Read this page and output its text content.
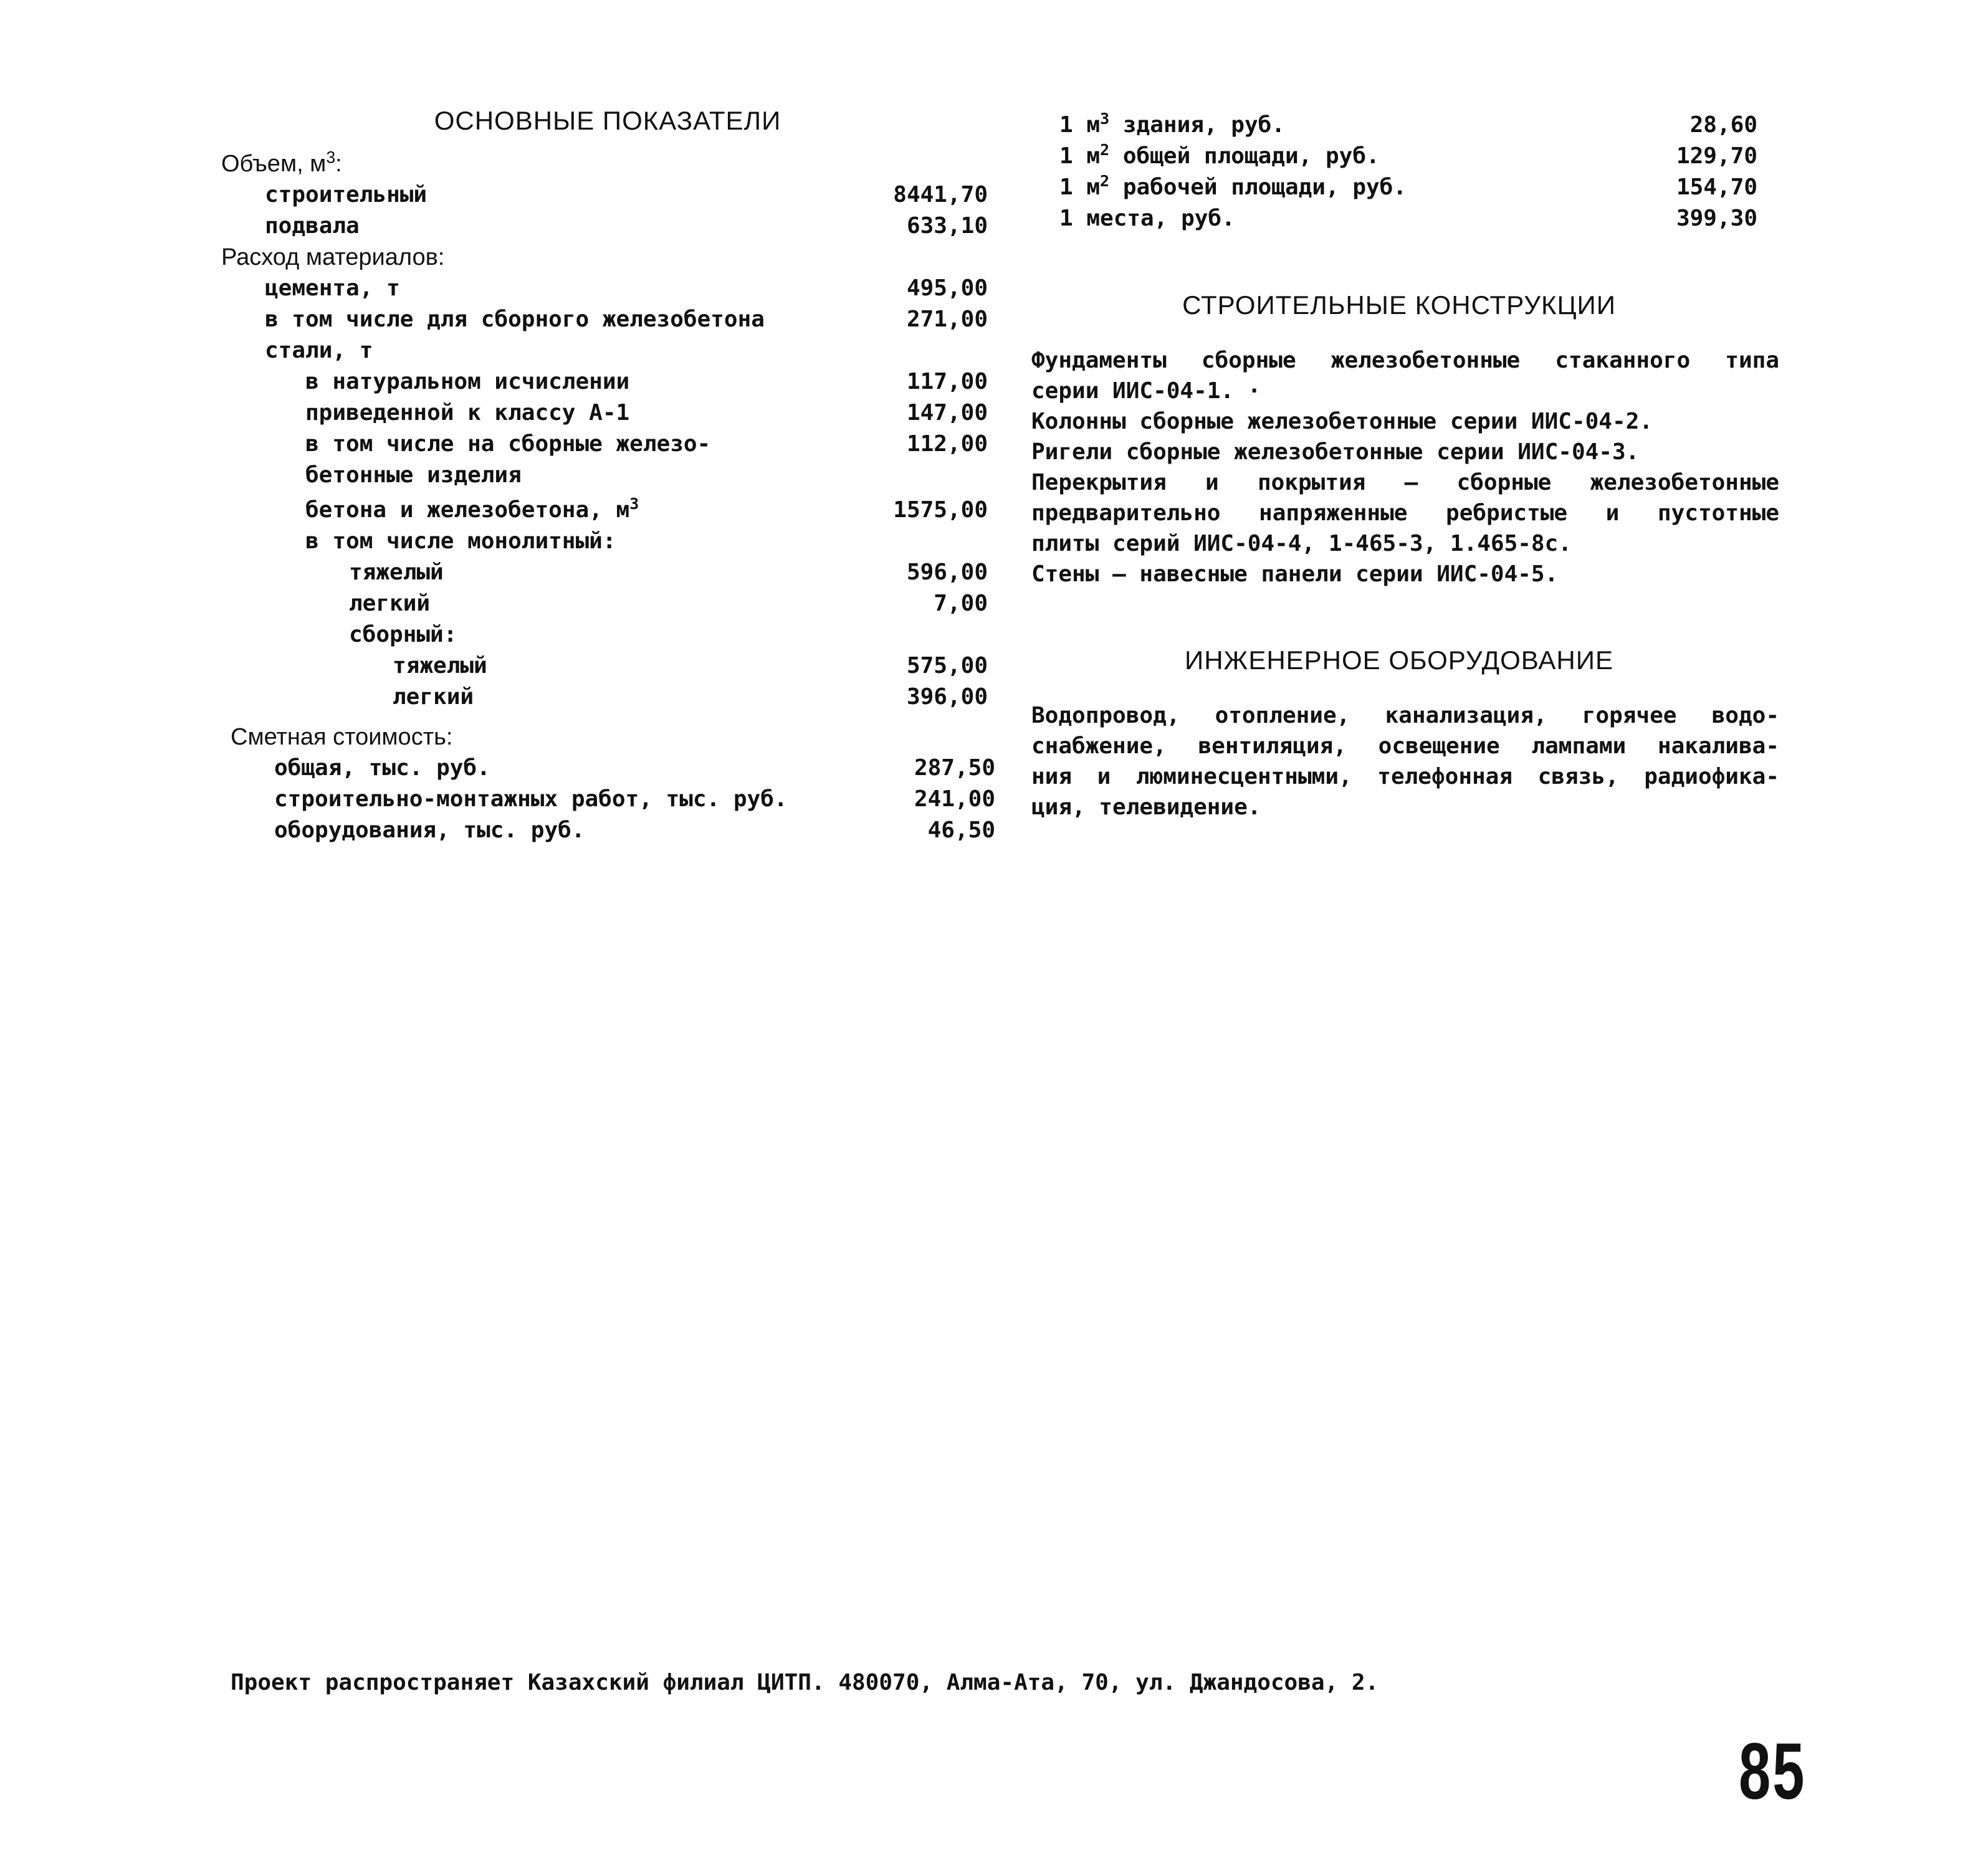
ОСНОВНЫЕ ПОКАЗАТЕЛИ
Объем, $м^3$:
строительный	8441,70
подвала	633,10
Расход материалов:
цемента, т	495,00
в том числе для сборного железобетона	271,00
стали, т
в натуральном исчислении	117,00
приведенной к классу А-1	147,00
в том числе на сборные железо-	112,00
бетонные изделия
бетона и железобетона, $м^3$	1575,00
в том числе монолитный:
тяжелый	596,00
легкий	7,00
сборный:
тяжелый	575,00
легкий	396,00
Сметная стоимость:
общая, тыс. руб.	287,50
строительно-монтажных работ, тыс. руб.	241,00
оборудования, тыс. руб.	46,50
1 $м^3$ здания, руб.	28,60
1 $м^2$ общей площади, руб.	129,70
1 $м^2$ рабочей площади, руб.	154,70
1 места, руб.	399,30
СТРОИТЕЛЬНЫЕ КОНСТРУКЦИИ

Фундаменты сборные железобетонные стаканного типа

серии ИИС-04-1. ·

Колонны сборные железобетонные серии ИИС-04-2.

Ригели сборные железобетонные серии ИИС-04-3.

Перекрытия и покрытия – сборные железобетонные

предварительно напряженные ребристые и пустотные

плиты серий ИИС-04-4, 1-465-3, 1.465-8с.

Стены – навесные панели серии ИИС-04-5.

ИНЖЕНЕРНОЕ ОБОРУДОВАНИЕ

Водопровод, отопление, канализация, горячее водо-

снабжение, вентиляция, освещение лампами накалива-

ния и люминесцентными, телефонная связь, радиофика-

ция, телевидение.

Проект распространяет Казахский филиал ЦИТП. 480070, Алма-Ата, 70, ул. Джандосова, 2.
85
